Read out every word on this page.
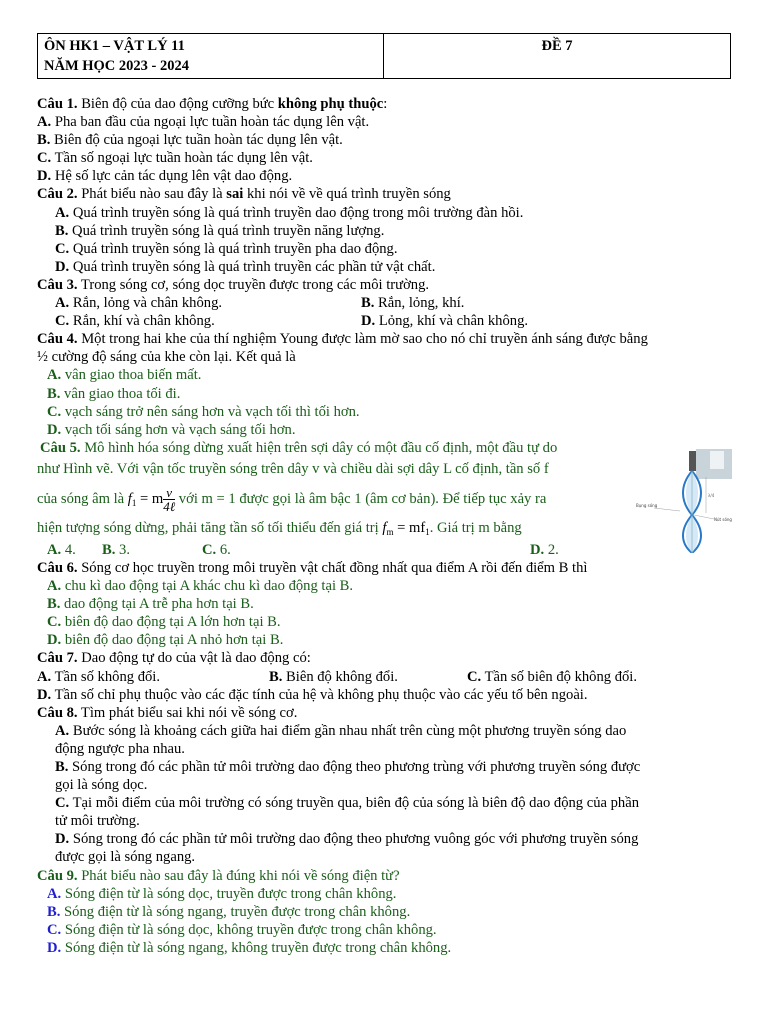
ÔN HK1 – VẬT LÝ 11
NĂM HỌC 2023 - 2024
ĐỀ 7
Câu 1. Biên độ của dao động cưỡng bức không phụ thuộc:
A. Pha ban đầu của ngoại lực tuần hoàn tác dụng lên vật.
B. Biên độ của ngoại lực tuần hoàn tác dụng lên vật.
C. Tần số ngoại lực tuần hoàn tác dụng lên vật.
D. Hệ số lực cản tác dụng lên vật dao động.
Câu 2. Phát biểu nào sau đây là sai khi nói về về quá trình truyền sóng
A. Quá trình truyền sóng là quá trình truyền dao động trong môi trường đàn hồi.
B. Quá trình truyền sóng là quá trình truyền năng lượng.
C. Quá trình truyền sóng là quá trình truyền pha dao động.
D. Quá trình truyền sóng là quá trình truyền các phần tử vật chất.
Câu 3. Trong sóng cơ, sóng dọc truyền được trong các môi trường.
A. Rắn, lỏng và chân không.	B. Rắn, lỏng, khí.
C. Rắn, khí và chân không.	D. Lỏng, khí và chân không.
Câu 4. Một trong hai khe của thí nghiệm Young được làm mờ sao cho nó chỉ truyền ánh sáng được bằng
½ cường độ sáng của khe còn lại. Kết quả là
A. vân giao thoa biến mất.
B. vân giao thoa tối đi.
C. vạch sáng trở nên sáng hơn và vạch tối thì tối hơn.
D. vạch tối sáng hơn và vạch sáng tối hơn.
Câu 5. Mô hình hóa sóng dừng xuất hiện trên sợi dây có một đầu cố định, một đầu tự do
như Hình vẽ. Với vận tốc truyền sóng trên dây v và chiều dài sợi dây L cố định, tần số f
của sóng âm là $f_1 = m \frac{v}{\text{4ℓ}}$ với m = 1 được gọi là âm bậc 1 (âm cơ bản). Để tiếp tục xảy ra
hiện tượng sóng dừng, phải tăng tần số tối thiểu đến giá trị $f_m = mf_1$. Giá trị m bằng
A. 4. B. 3.	C. 6.	D. 2.
Câu 6. Sóng cơ học truyền trong môi truyền vật chất đồng nhất qua điểm A rồi đến điểm B thì
A. chu kì dao động tại A khác chu kì dao động tại B.
B. dao động tại A trễ pha hơn tại B.
C. biên độ dao động tại A lớn hơn tại B.
D. biên độ dao động tại A nhỏ hơn tại B.
Câu 7. Dao động tự do của vật là dao động có:
A. Tần số không đổi.	B. Biên độ không đổi.	C. Tần số biên độ không đổi.
D. Tần số chỉ phụ thuộc vào các đặc tính của hệ và không phụ thuộc vào các yếu tố bên ngoài.
Câu 8. Tìm phát biểu sai khi nói về sóng cơ.
A. Bước sóng là khoảng cách giữa hai điểm gần nhau nhất trên cùng một phương truyền sóng dao
động ngược pha nhau.
B. Sóng trong đó các phần tử môi trường dao động theo phương trùng với phương truyền sóng được
gọi là sóng dọc.
C. Tại mỗi điểm của môi trường có sóng truyền qua, biên độ của sóng là biên độ dao động của phần
tử môi trường.
D. Sóng trong đó các phần tử môi trường dao động theo phương vuông góc với phương truyền sóng
được gọi là sóng ngang.
Câu 9. Phát biểu nào sau đây là đúng khi nói về sóng điện từ?
A. Sóng điện từ là sóng dọc, truyền được trong chân không.
B. Sóng điện từ là sóng ngang, truyền được trong chân không.
C. Sóng điện từ là sóng dọc, không truyền được trong chân không.
D. Sóng điện từ là sóng ngang, không truyền được trong chân không.
λ/4
Bụng sóng
Nút sóng
